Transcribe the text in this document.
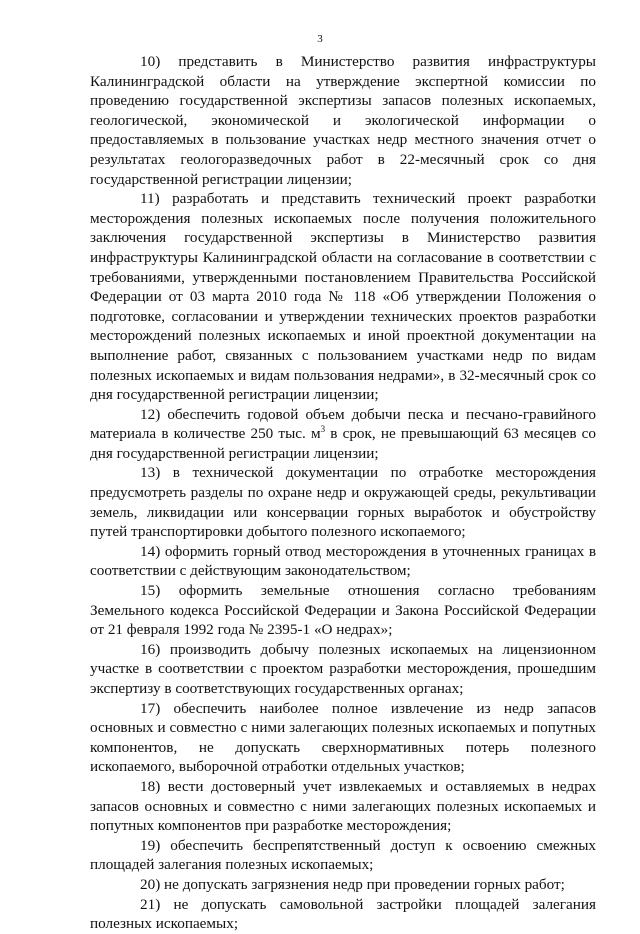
3

10) представить в Министерство развития инфраструктуры Калининградской области на утверждение экспертной комиссии по проведению государственной экспертизы запасов полезных ископаемых, геологической, экономической и экологической информации о предоставляемых в пользование участках недр местного значения отчет о результатах геологоразведочных работ в 22-месячный срок со дня государственной регистрации лицензии;

11) разработать и представить технический проект разработки месторождения полезных ископаемых после получения положительного заключения государственной экспертизы в Министерство развития инфраструктуры Калининградской области на согласование в соответствии с требованиями, утвержденными постановлением Правительства Российской Федерации от 03 марта 2010 года № 118 «Об утверждении Положения о подготовке, согласовании и утверждении технических проектов разработки месторождений полезных ископаемых и иной проектной документации на выполнение работ, связанных с пользованием участками недр по видам полезных ископаемых и видам пользования недрами», в 32-месячный срок со дня государственной регистрации лицензии;

12) обеспечить годовой объем добычи песка и песчано-гравийного материала в количестве 250 тыс. $м^3$ в срок, не превышающий 63 месяцев со дня государственной регистрации лицензии;

13) в технической документации по отработке месторождения предусмотреть разделы по охране недр и окружающей среды, рекультивации земель, ликвидации или консервации горных выработок и обустройству путей транспортировки добытого полезного ископаемого;

14) оформить горный отвод месторождения в уточненных границах в соответствии с действующим законодательством;

15) оформить земельные отношения согласно требованиям Земельного кодекса Российской Федерации и Закона Российской Федерации от 21 февраля 1992 года № 2395-1 «О недрах»;

16) производить добычу полезных ископаемых на лицензионном участке в соответствии с проектом разработки месторождения, прошедшим экспертизу в соответствующих государственных органах;

17) обеспечить наиболее полное извлечение из недр запасов основных и совместно с ними залегающих полезных ископаемых и попутных компонентов, не допускать сверхнормативных потерь полезного ископаемого, выборочной отработки отдельных участков;

18) вести достоверный учет извлекаемых и оставляемых в недрах запасов основных и совместно с ними залегающих полезных ископаемых и попутных компонентов при разработке месторождения;

19) обеспечить беспрепятственный доступ к освоению смежных площадей залегания полезных ископаемых;

20) не допускать загрязнения недр при проведении горных работ;

21) не допускать самовольной застройки площадей залегания полезных ископаемых;
